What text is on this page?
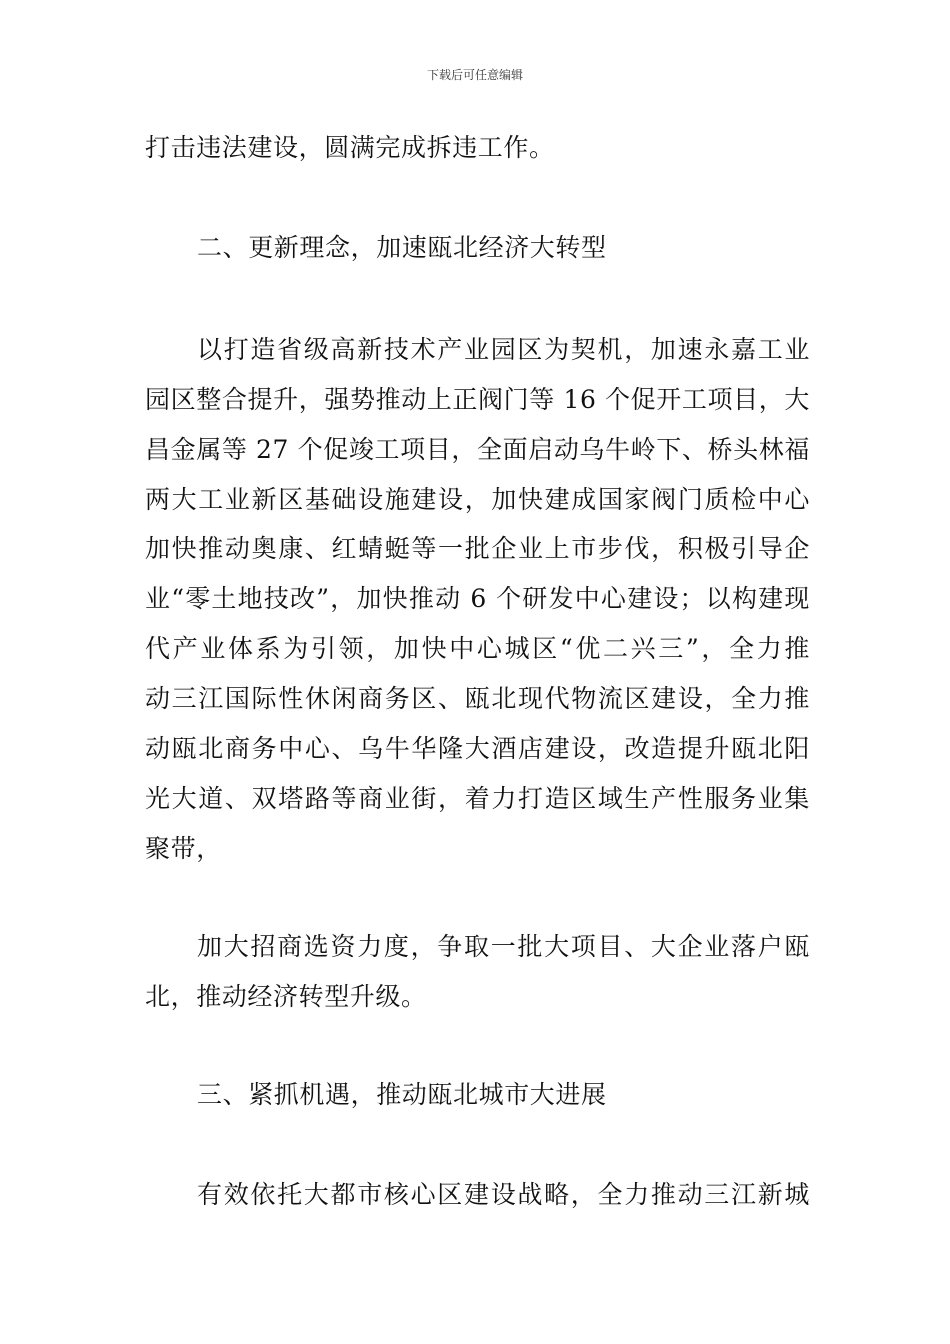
下载后可任意编辑
打击违法建设，圆满完成拆违工作。
二、更新理念，加速瓯北经济大转型
以打造省级高新技术产业园区为契机，加速永嘉工业
园区整合提升，强势推动上正阀门等 16 个促开工项目，大
昌金属等 27 个促竣工项目，全面启动乌牛岭下、桥头林福
两大工业新区基础设施建设，加快建成国家阀门质检中心
加快推动奥康、红蜻蜓等一批企业上市步伐，积极引导企
业“零土地技改”，加快推动 6 个研发中心建设；以构建现
代产业体系为引领，加快中心城区“优二兴三”，全力推
动三江国际性休闲商务区、瓯北现代物流区建设，全力推
动瓯北商务中心、乌牛华隆大酒店建设，改造提升瓯北阳
光大道、双塔路等商业街，着力打造区域生产性服务业集
聚带，
加大招商选资力度，争取一批大项目、大企业落户瓯
北，推动经济转型升级。
三、紧抓机遇，推动瓯北城市大进展
有效依托大都市核心区建设战略，全力推动三江新城
